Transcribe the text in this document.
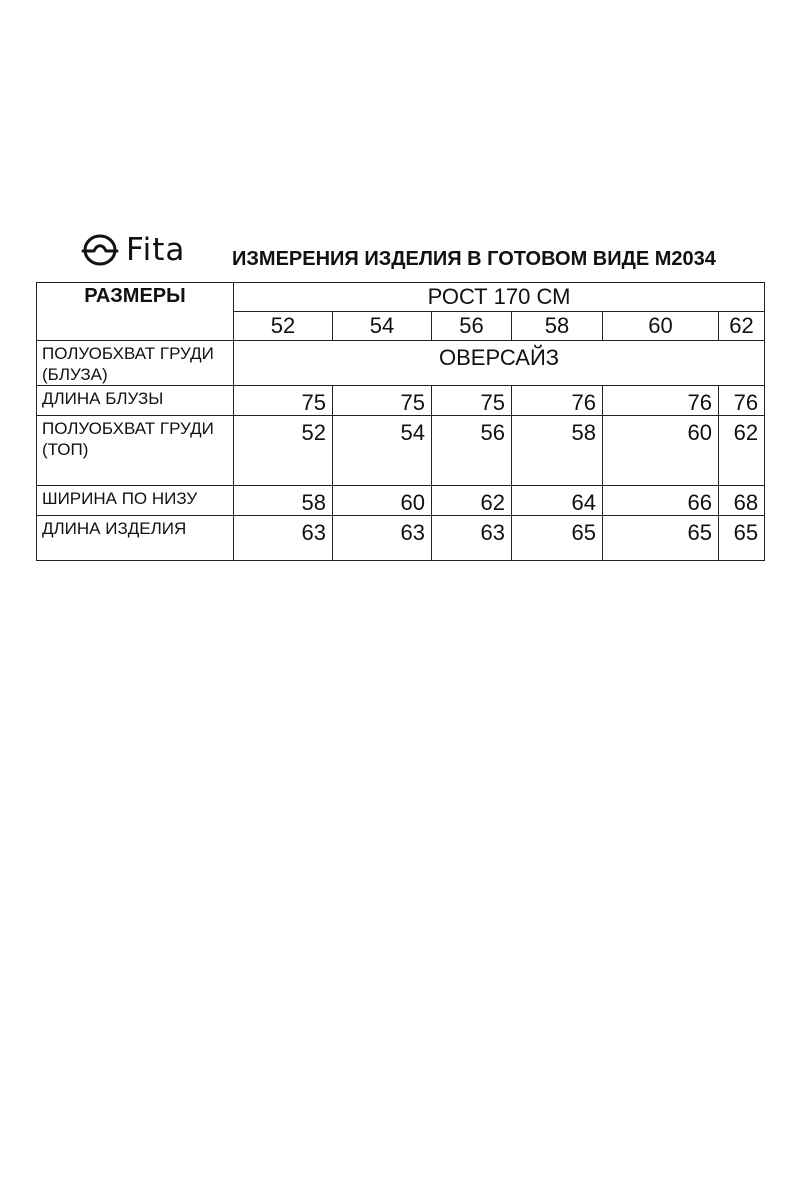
Fita ИЗМЕРЕНИЯ ИЗДЕЛИЯ В ГОТОВОМ ВИДЕ М2034
РАЗМЕРЫ	РОСТ 170 СМ					
	52	54	56	58	60	62
ПОЛУОБХВАТ ГРУДИ (БЛУЗА)	ОВЕРСАЙЗ					
ДЛИНА БЛУЗЫ	75	75	75	76	76	76
ПОЛУОБХВАТ ГРУДИ (ТОП)	52	54	56	58	60	62
ШИРИНА ПО НИЗУ	58	60	62	64	66	68
ДЛИНА ИЗДЕЛИЯ	63	63	63	65	65	65
